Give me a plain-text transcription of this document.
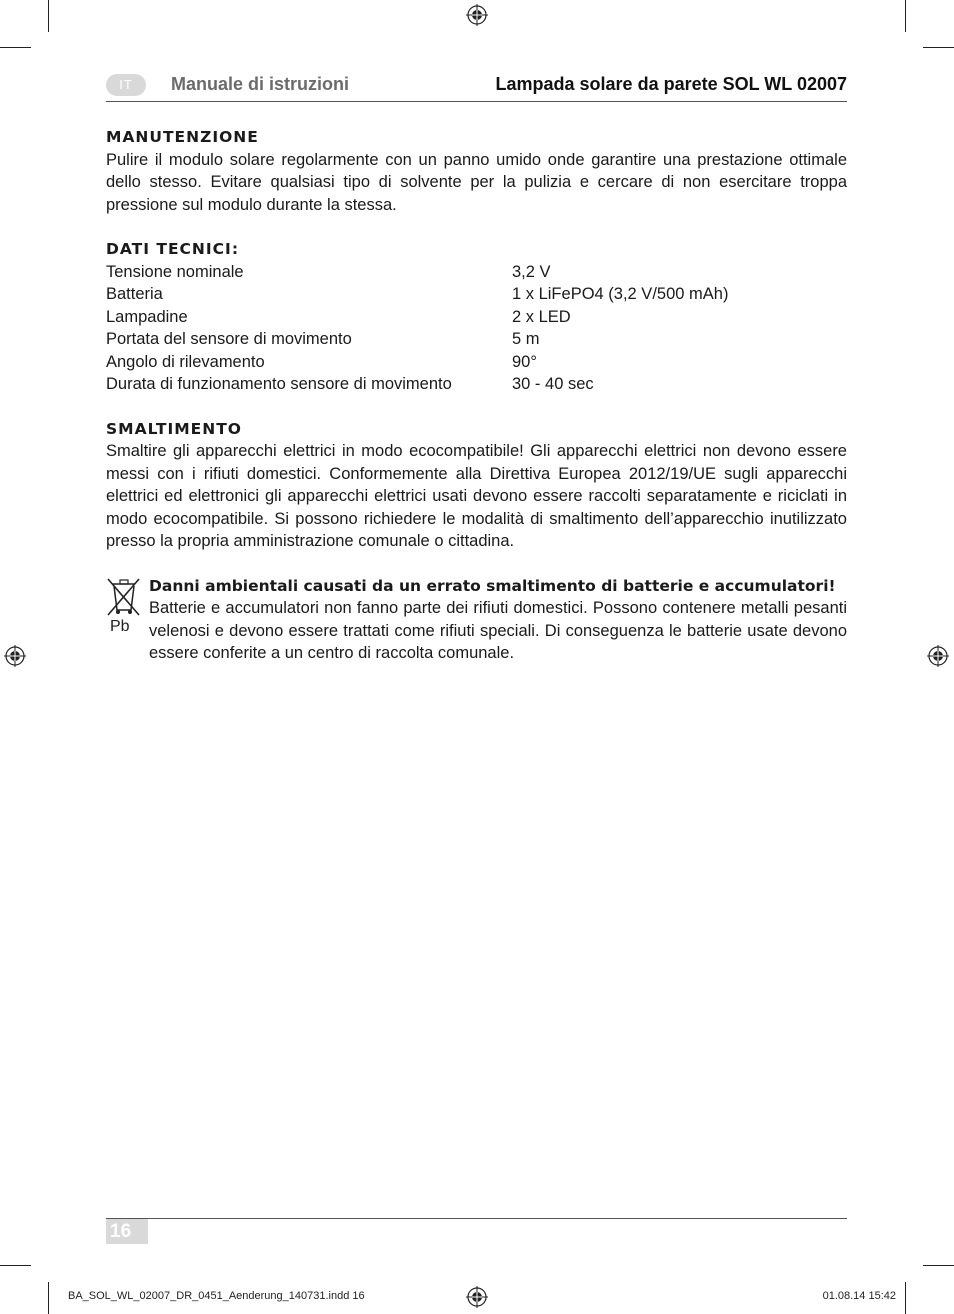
IT	Manuale di istruzioni	Lampada solare da parete SOL WL 02007
MANUTENZIONE

Pulire il modulo solare regolarmente con un panno umido onde garantire una prestazione ottimale dello stesso. Evitare qualsiasi tipo di solvente per la pulizia e cercare di non esercitare troppa pressione sul modulo durante la stessa.

DATI TECNICI:
Tensione nominale	3,2 V
Batteria	1 x LiFePO4 (3,2 V/500 mAh)
Lampadine	2 x LED
Portata del sensore di movimento	5 m
Angolo di rilevamento	90°
Durata di funzionamento sensore di movimento	30 - 40 sec
SMALTIMENTO

Smaltire gli apparecchi elettrici in modo ecocompatibile! Gli apparecchi elettrici non devono essere messi con i rifiuti domestici. Conformemente alla Direttiva Europea 2012/19/UE sugli apparecchi elettrici ed elettronici gli apparecchi elettrici usati devono essere raccolti separatamente e riciclati in modo ecocompatibile. Si possono richiedere le modalità di smaltimento dell’apparecchio inutilizzato presso la propria amministrazione comunale o cittadina.

Pb
Danni ambientali causati da un errato smaltimento di batterie e accumulatori!

Batterie e accumulatori non fanno parte dei rifiuti domestici. Possono contenere metalli pesanti velenosi e devono essere trattati come rifiuti speciali. Di conseguenza le batterie usate devono essere conferite a un centro di raccolta comunale.

16
BA_SOL_WL_02007_DR_0451_Aenderung_140731.indd 16	01.08.14 15:42
